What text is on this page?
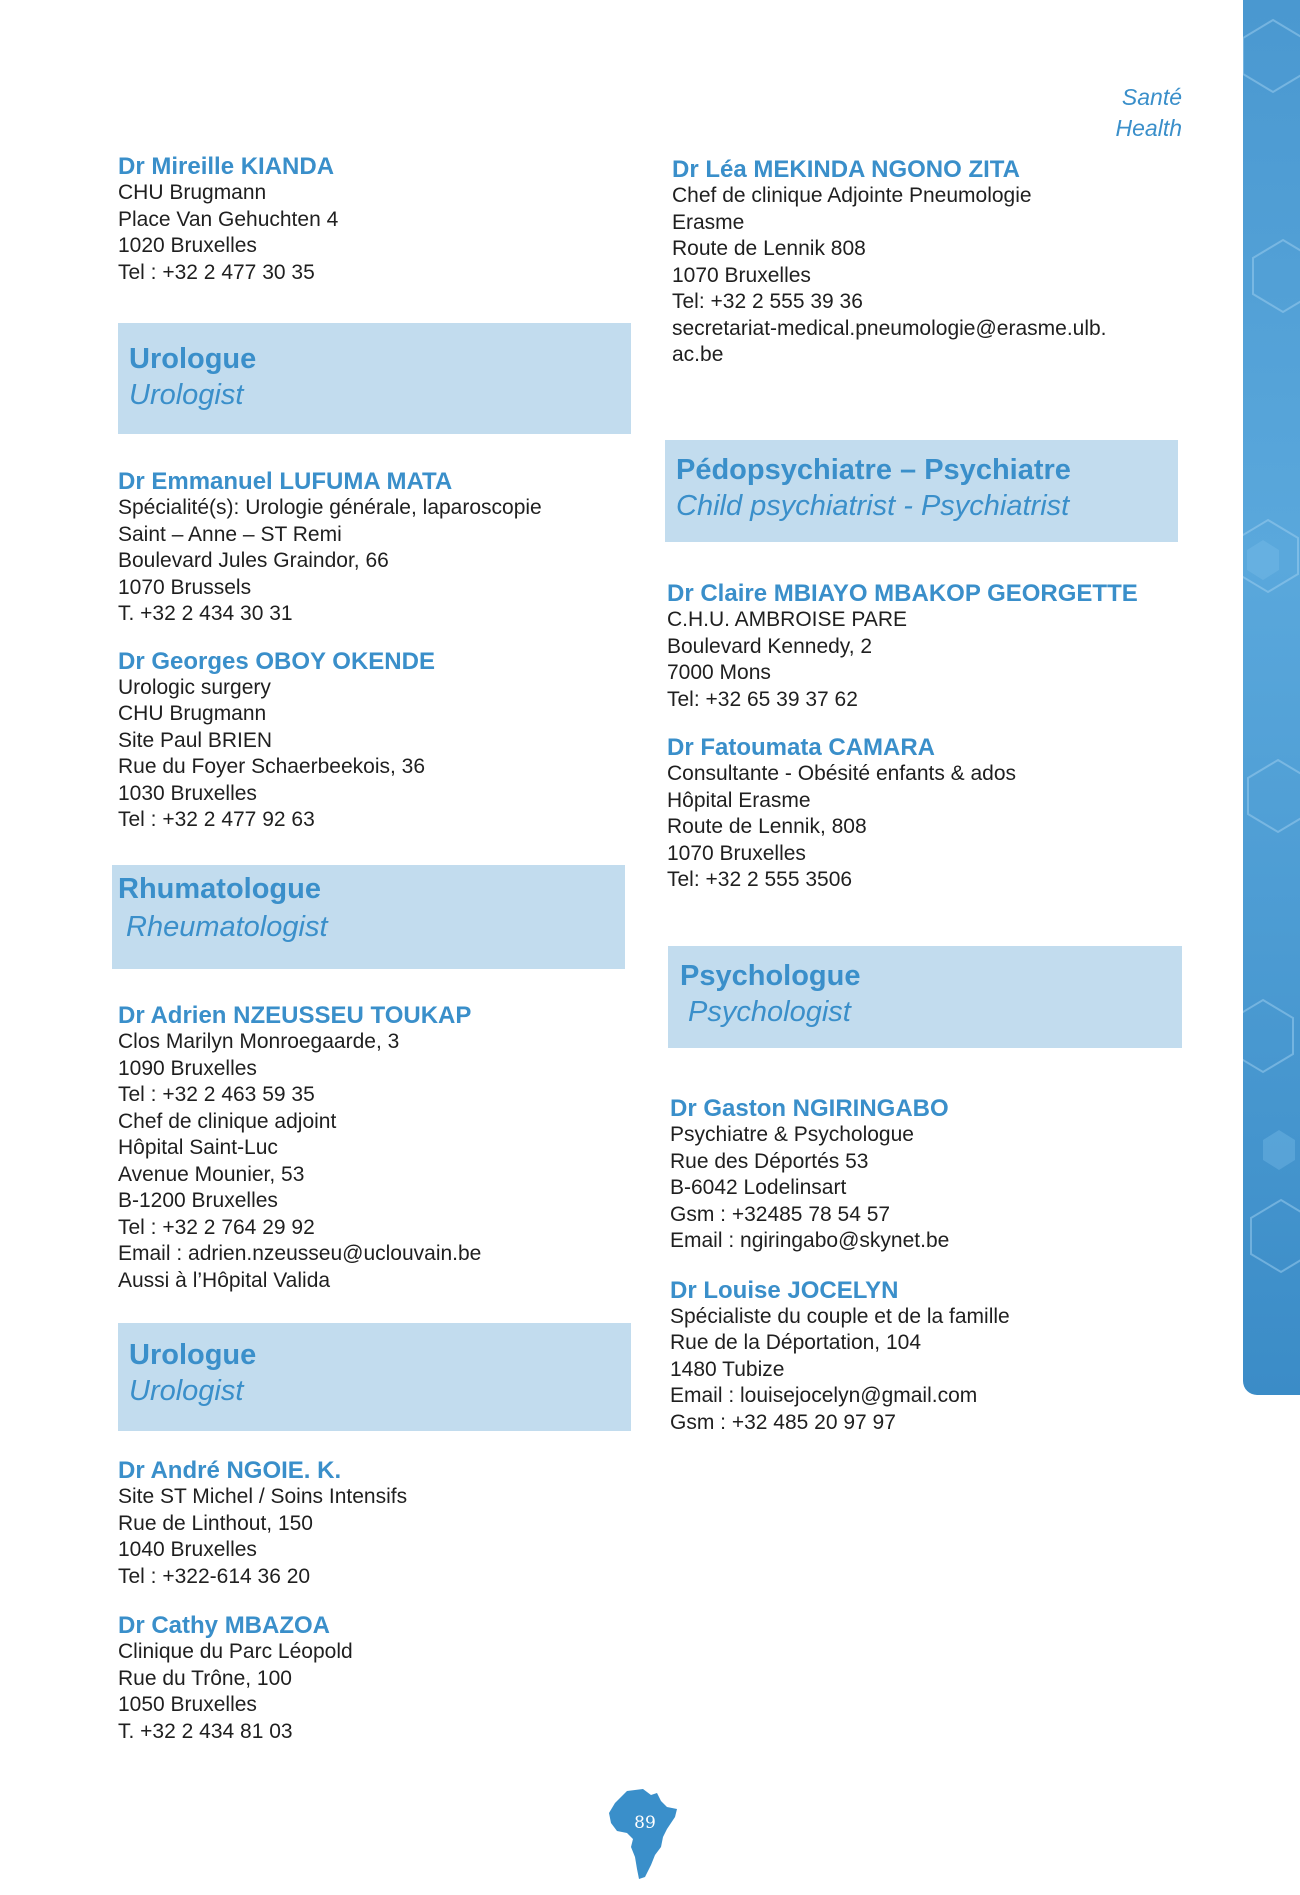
Santé
Health
Dr Mireille KIANDA
CHU Brugmann
Place Van Gehuchten 4
1020 Bruxelles
Tel : +32 2 477 30 35
Urologue
Urologist
Dr Emmanuel LUFUMA MATA
Spécialité(s): Urologie générale, laparoscopie
Saint – Anne – ST Remi
Boulevard Jules Graindor, 66
1070 Brussels
T. +32 2 434 30 31
Dr Georges OBOY OKENDE
Urologic surgery
CHU Brugmann
Site Paul BRIEN
Rue du Foyer Schaerbeekois, 36
1030 Bruxelles
Tel : +32 2 477 92 63
Rhumatologue
Rheumatologist
Dr Adrien NZEUSSEU TOUKAP
Clos Marilyn Monroegaarde, 3
1090 Bruxelles
Tel : +32 2 463 59 35
Chef de clinique adjoint
Hôpital Saint-Luc
Avenue Mounier, 53
B-1200 Bruxelles
Tel : +32 2 764 29 92
Email : adrien.nzeusseu@uclouvain.be
Aussi à l’Hôpital Valida
Urologue
Urologist
Dr André NGOIE. K.
Site ST Michel / Soins Intensifs
Rue de Linthout, 150
1040 Bruxelles
Tel : +322-614 36 20
Dr Cathy MBAZOA
Clinique du Parc Léopold
Rue du Trône, 100
1050 Bruxelles
T. +32 2 434 81 03
Dr Léa MEKINDA NGONO ZITA
Chef de clinique Adjointe Pneumologie
Erasme
Route de Lennik 808
1070 Bruxelles
Tel: +32 2 555 39 36
secretariat-medical.pneumologie@erasme.ulb.
ac.be
Pédopsychiatre – Psychiatre
Child psychiatrist - Psychiatrist
Dr Claire MBIAYO MBAKOP GEORGETTE
C.H.U. AMBROISE PARE
Boulevard Kennedy, 2
7000 Mons
Tel: +32 65 39 37 62
Dr Fatoumata CAMARA
Consultante - Obésité enfants & ados
Hôpital Erasme
Route de Lennik, 808
1070 Bruxelles
Tel: +32 2 555 3506
Psychologue
Psychologist
Dr Gaston NGIRINGABO
Psychiatre & Psychologue
Rue des Déportés 53
B-6042 Lodelinsart
Gsm : +32485 78 54 57
Email : ngiringabo@skynet.be
Dr Louise JOCELYN
Spécialiste du couple et de la famille
Rue de la Déportation, 104
1480 Tubize
Email : louisejocelyn@gmail.com
Gsm : +32 485 20 97 97
89
